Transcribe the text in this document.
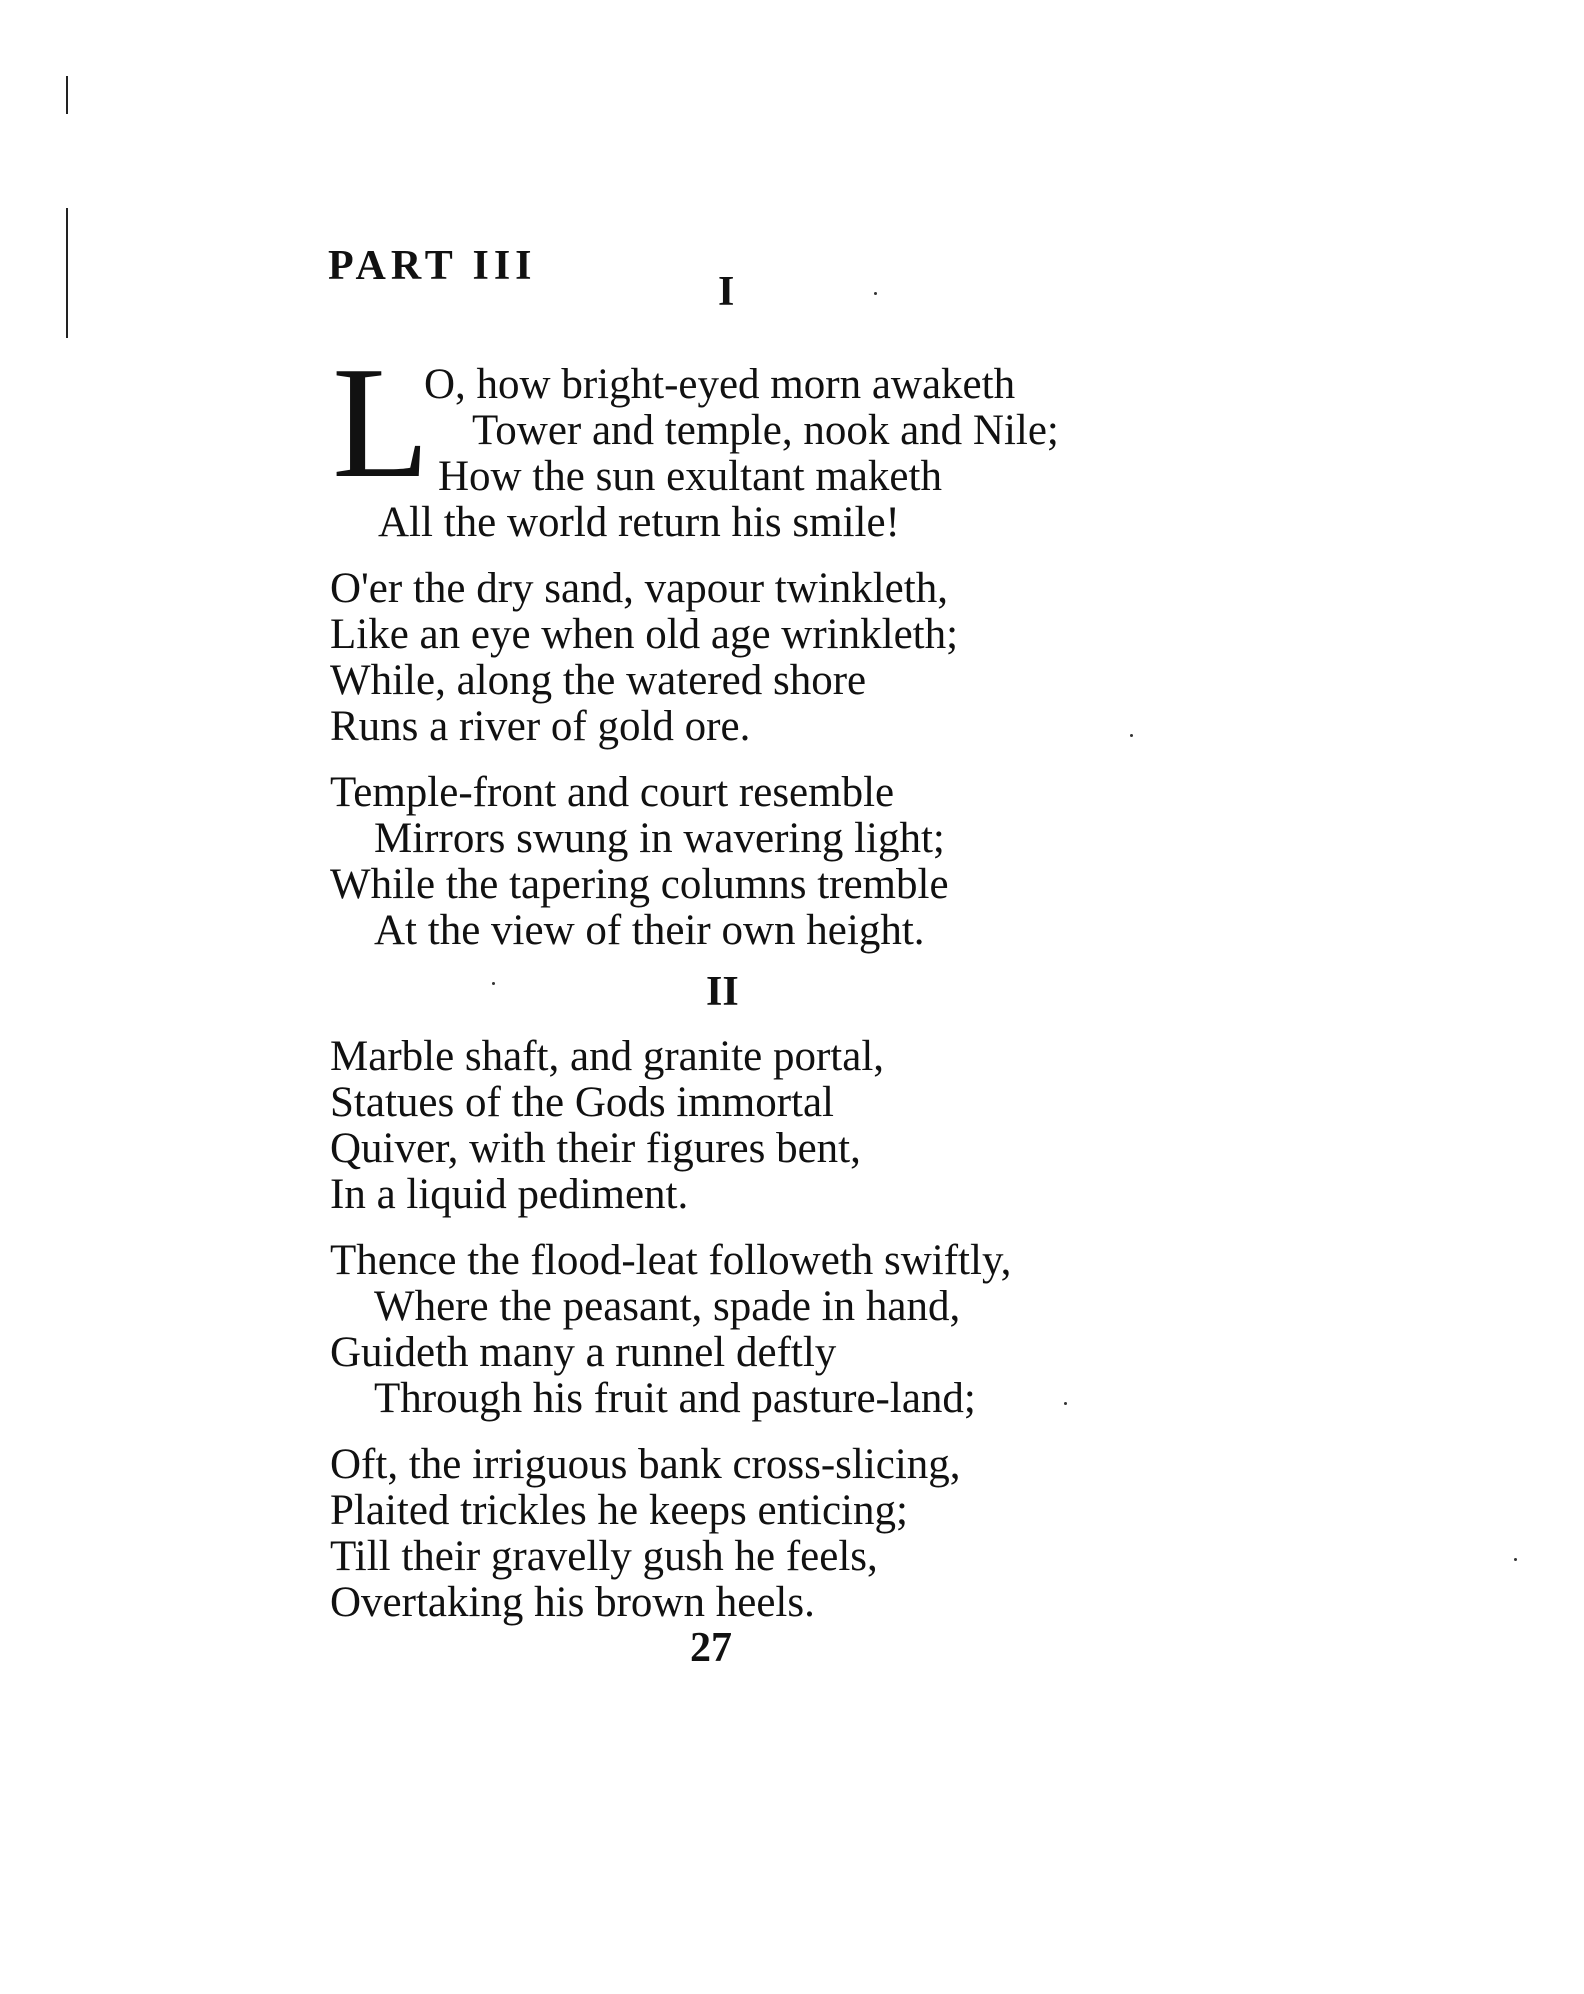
PART III
I
L

O, how bright-eyed morn awaketh

Tower and temple, nook and Nile;

How the sun exultant maketh

All the world return his smile!

O'er the dry sand, vapour twinkleth,

Like an eye when old age wrinkleth;

While, along the watered shore

Runs a river of gold ore.

Temple-front and court resemble

Mirrors swung in wavering light;

While the tapering columns tremble

At the view of their own height.

II

Marble shaft, and granite portal,

Statues of the Gods immortal

Quiver, with their figures bent,

In a liquid pediment.

Thence the flood-leat followeth swiftly,

Where the peasant, spade in hand,

Guideth many a runnel deftly

Through his fruit and pasture-land;

Oft, the irriguous bank cross-slicing,

Plaited trickles he keeps enticing;

Till their gravelly gush he feels,

Overtaking his brown heels.

27
